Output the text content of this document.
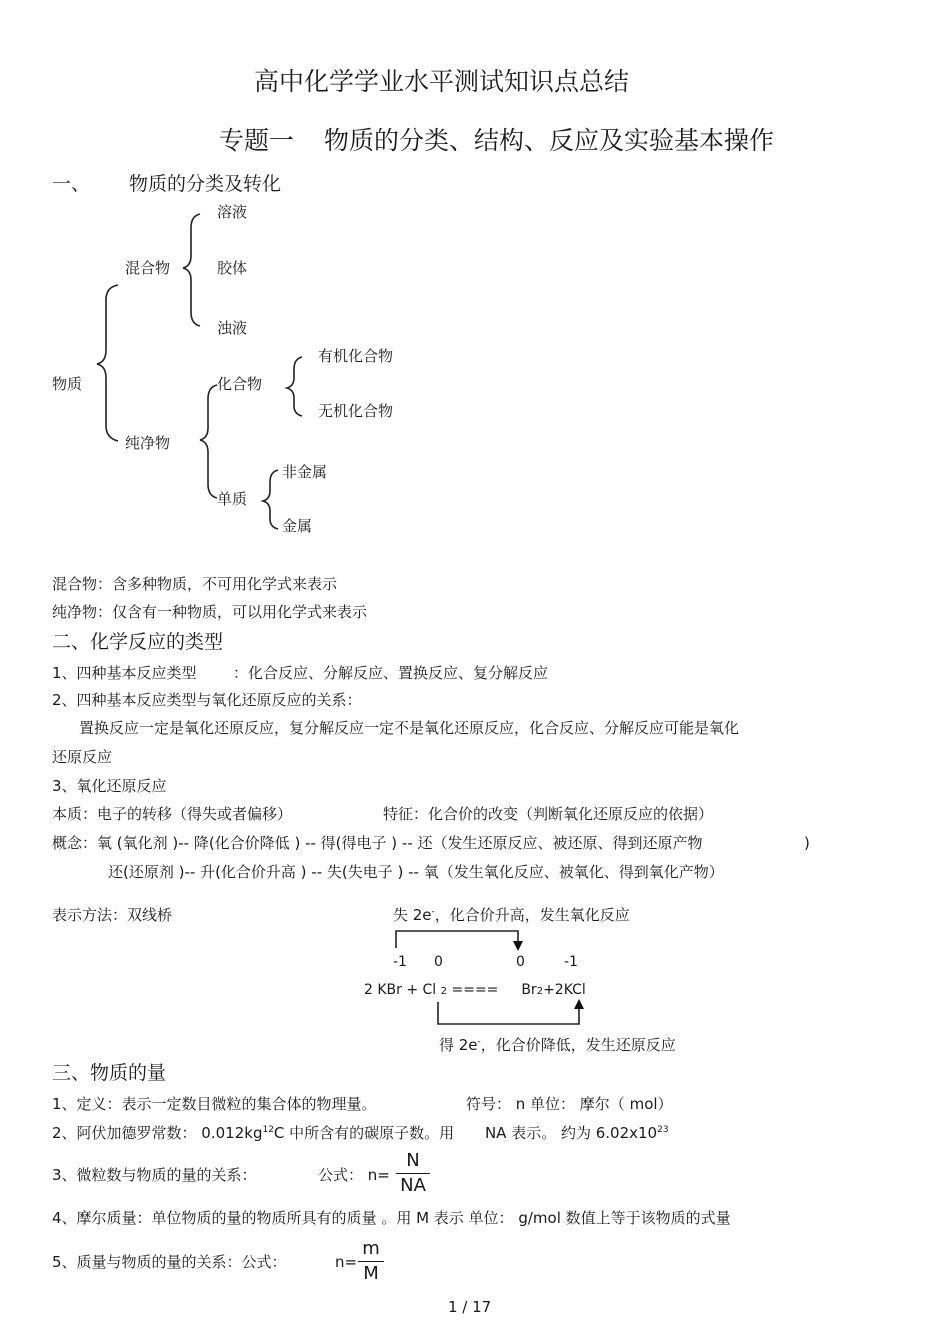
高中化学学业水平测试知识点总结
专题一 物质的分类、结构、反应及实验基本操作
一、 物质的分类及转化
溶液
混合物	胶体
浊液
有机化合物
物质	化合物
无机化合物
纯净物
非金属
单质
金属
混合物：含多种物质，不可用化学式来表示
纯净物：仅含有一种物质，可以用化学式来表示
二、化学反应的类型
1、四种基本反应类型 ：化合反应、分解反应、置换反应、复分解反应
2、四种基本反应类型与氧化还原反应的关系：
置换反应一定是氧化还原反应，复分解反应一定不是氧化还原反应，化合反应、分解反应可能是氧化
还原反应
3、氧化还原反应
本质：电子的转移（得失或者偏移）	特征：化合价的改变（判断氧化还原反应的依据）
概念：氧 (氧化剂 )-- 降(化合价降低 ) -- 得(得电子 ) -- 还（发生还原反应、被还原、得到还原产物	)
还(还原剂 )-- 升(化合价升高 ) -- 失(失电子 ) -- 氧（发生氧化反应、被氧化、得到氧化产物）
表示方法：双线桥	失 2e-，化合价升高，发生氧化反应
-1 0	0	-1
2 KBr + Cl 2 ==== Br2+2KCl
得 2e-，化合价降低，发生还原反应
三、物质的量
1、定义：表示一定数目微粒的集合体的物理量。	符号： n 单位： 摩尔（ mol）
2、阿伏加德罗常数： $0.012kg^{12}C$ 中所含有的碳原子数。用 NA 表示。 约为 $6.02x10^{23}$
3、微粒数与物质的量的关系：	公式： n=
N
NA
4、摩尔质量：单位物质的量的物质所具有的质量 。用 M 表示 单位： g/mol 数值上等于该物质的式量
5、质量与物质的量的关系：公式：	n=
m
M
1 / 17
